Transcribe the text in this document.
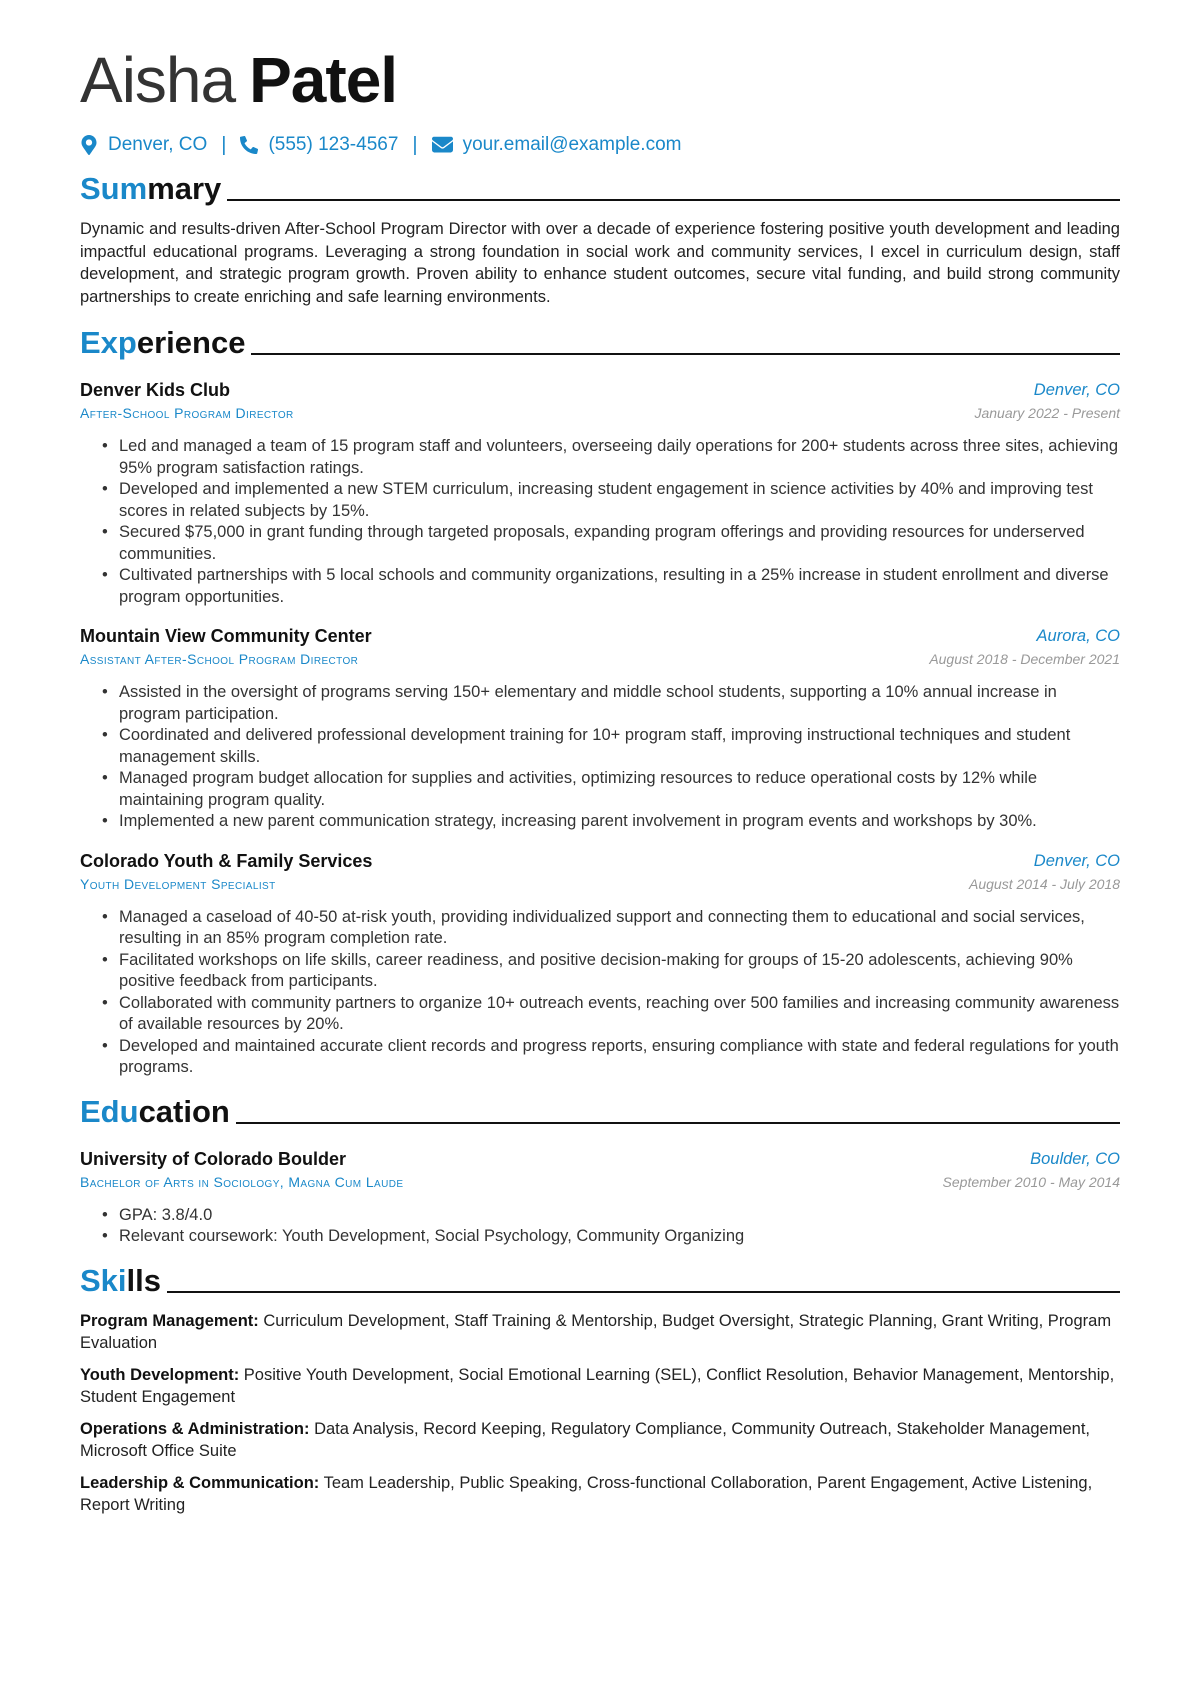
Aisha Patel
Denver, CO | (555) 123-4567 | your.email@example.com
Summary

Dynamic and results-driven After-School Program Director with over a decade of experience fostering positive youth development and leading impactful educational programs. Leveraging a strong foundation in social work and community services, I excel in curriculum design, staff development, and strategic program growth. Proven ability to enhance student outcomes, secure vital funding, and build strong community partnerships to create enriching and safe learning environments.

Experience
Denver Kids Club	Denver, CO
After-School Program Director	January 2022 - Present
• Led and managed a team of 15 program staff and volunteers, overseeing daily operations for 200+ students across three sites, achieving 95% program satisfaction ratings.
• Developed and implemented a new STEM curriculum, increasing student engagement in science activities by 40% and improving test scores in related subjects by 15%.
• Secured $75,000 in grant funding through targeted proposals, expanding program offerings and providing resources for underserved communities.
• Cultivated partnerships with 5 local schools and community organizations, resulting in a 25% increase in student enrollment and diverse program opportunities.
Mountain View Community Center	Aurora, CO
Assistant After-School Program Director	August 2018 - December 2021
• Assisted in the oversight of programs serving 150+ elementary and middle school students, supporting a 10% annual increase in program participation.
• Coordinated and delivered professional development training for 10+ program staff, improving instructional techniques and student management skills.
• Managed program budget allocation for supplies and activities, optimizing resources to reduce operational costs by 12% while maintaining program quality.
• Implemented a new parent communication strategy, increasing parent involvement in program events and workshops by 30%.
Colorado Youth & Family Services	Denver, CO
Youth Development Specialist	August 2014 - July 2018
• Managed a caseload of 40-50 at-risk youth, providing individualized support and connecting them to educational and social services, resulting in an 85% program completion rate.
• Facilitated workshops on life skills, career readiness, and positive decision-making for groups of 15-20 adolescents, achieving 90% positive feedback from participants.
• Collaborated with community partners to organize 10+ outreach events, reaching over 500 families and increasing community awareness of available resources by 20%.
• Developed and maintained accurate client records and progress reports, ensuring compliance with state and federal regulations for youth programs.
Education
University of Colorado Boulder	Boulder, CO
Bachelor of Arts in Sociology, Magna Cum Laude	September 2010 - May 2014
• GPA: 3.8/4.0
• Relevant coursework: Youth Development, Social Psychology, Community Organizing
Skills
Program Management: Curriculum Development, Staff Training & Mentorship, Budget Oversight, Strategic Planning, Grant Writing, Program Evaluation
Youth Development: Positive Youth Development, Social Emotional Learning (SEL), Conflict Resolution, Behavior Management, Mentorship, Student Engagement
Operations & Administration: Data Analysis, Record Keeping, Regulatory Compliance, Community Outreach, Stakeholder Management, Microsoft Office Suite
Leadership & Communication: Team Leadership, Public Speaking, Cross-functional Collaboration, Parent Engagement, Active Listening, Report Writing
